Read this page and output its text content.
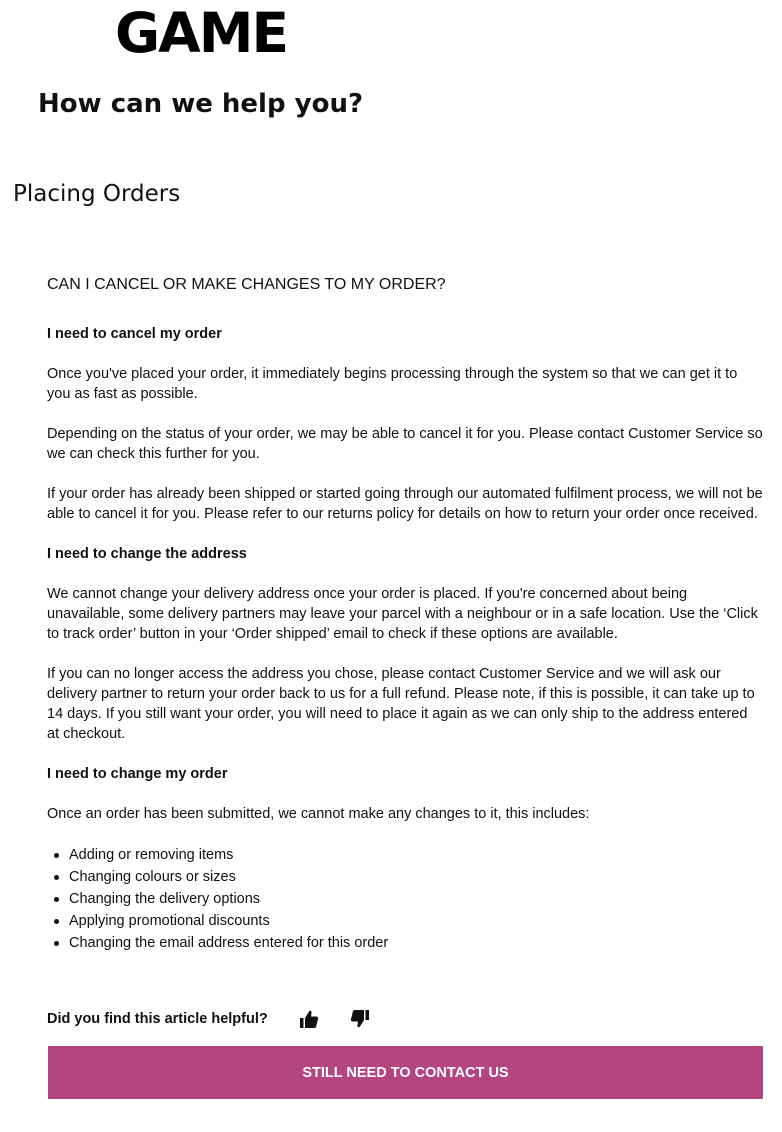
GAME
How can we help you?
Placing Orders
CAN I CANCEL OR MAKE CHANGES TO MY ORDER?

I need to cancel my order

Once you've placed your order, it immediately begins processing through the system so that we can get it to you as fast as possible.

Depending on the status of your order, we may be able to cancel it for you. Please contact Customer Service so we can check this further for you.

If your order has already been shipped or started going through our automated fulfilment process, we will not be able to cancel it for you. Please refer to our returns policy for details on how to return your order once received.

I need to change the address

We cannot change your delivery address once your order is placed. If you're concerned about being unavailable, some delivery partners may leave your parcel with a neighbour or in a safe location. Use the ‘Click to track order’ button in your ‘Order shipped’ email to check if these options are available.

If you can no longer access the address you chose, please contact Customer Service and we will ask our delivery partner to return your order back to us for a full refund. Please note, if this is possible, it can take up to 14 days. If you still want your order, you will need to place it again as we can only ship to the address entered at checkout.

I need to change my order

Once an order has been submitted, we cannot make any changes to it, this includes:

Adding or removing items
Changing colours or sizes
Changing the delivery options
Applying promotional discounts
Changing the email address entered for this order
Did you find this article helpful?
STILL NEED TO CONTACT US
